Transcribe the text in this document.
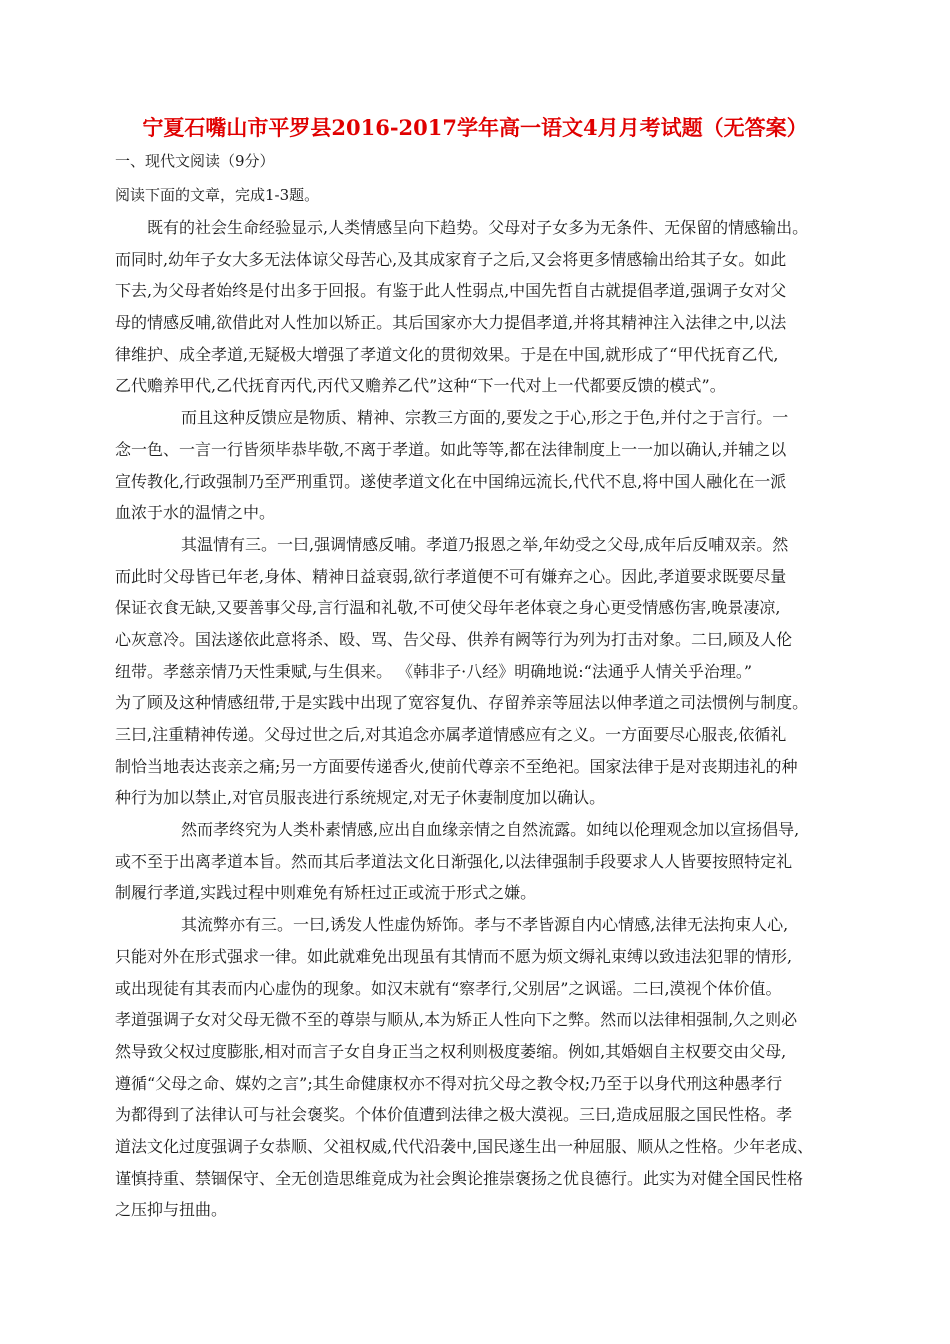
宁夏石嘴山市平罗县2016-2017学年高一语文4月月考试题（无答案）
一、现代文阅读（9分）
阅读下面的文章，完成1-3题。
既有的社会生命经验显示,人类情感呈向下趋势。父母对子女多为无条件、无保留的情感输出。
而同时,幼年子女大多无法体谅父母苦心,及其成家育子之后,又会将更多情感输出给其子女。如此
下去,为父母者始终是付出多于回报。有鉴于此人性弱点,中国先哲自古就提倡孝道,强调子女对父
母的情感反哺,欲借此对人性加以矫正。其后国家亦大力提倡孝道,并将其精神注入法律之中,以法
律维护、成全孝道,无疑极大增强了孝道文化的贯彻效果。于是在中国,就形成了“甲代抚育乙代,
乙代赡养甲代,乙代抚育丙代,丙代又赡养乙代”这种“下一代对上一代都要反馈的模式”。
而且这种反馈应是物质、精神、宗教三方面的,要发之于心,形之于色,并付之于言行。一
念一色、一言一行皆须毕恭毕敬,不离于孝道。如此等等,都在法律制度上一一加以确认,并辅之以
宣传教化,行政强制乃至严刑重罚。遂使孝道文化在中国绵远流长,代代不息,将中国人融化在一派
血浓于水的温情之中。
其温情有三。一曰,强调情感反哺。孝道乃报恩之举,年幼受之父母,成年后反哺双亲。然
而此时父母皆已年老,身体、精神日益衰弱,欲行孝道便不可有嫌弃之心。因此,孝道要求既要尽量
保证衣食无缺,又要善事父母,言行温和礼敬,不可使父母年老体衰之身心更受情感伤害,晚景凄凉,
心灰意冷。国法遂依此意将杀、殴、骂、告父母、供养有阙等行为列为打击对象。二曰,顾及人伦
纽带。孝慈亲情乃天性秉赋,与生俱来。 《韩非子·八经》明确地说:“法通乎人情关乎治理。”
为了顾及这种情感纽带,于是实践中出现了宽容复仇、存留养亲等屈法以伸孝道之司法惯例与制度。
三曰,注重精神传递。父母过世之后,对其追念亦属孝道情感应有之义。一方面要尽心服丧,依循礼
制恰当地表达丧亲之痛;另一方面要传递香火,使前代尊亲不至绝祀。国家法律于是对丧期违礼的种
种行为加以禁止,对官员服丧进行系统规定,对无子休妻制度加以确认。
然而孝终究为人类朴素情感,应出自血缘亲情之自然流露。如纯以伦理观念加以宣扬倡导,
或不至于出离孝道本旨。然而其后孝道法文化日渐强化,以法律强制手段要求人人皆要按照特定礼
制履行孝道,实践过程中则难免有矫枉过正或流于形式之嫌。
其流弊亦有三。一曰,诱发人性虚伪矫饰。孝与不孝皆源自内心情感,法律无法拘束人心,
只能对外在形式强求一律。如此就难免出现虽有其情而不愿为烦文缛礼束缚以致违法犯罪的情形,
或出现徒有其表而内心虚伪的现象。如汉末就有“察孝行,父别居”之讽谣。二曰,漠视个体价值。
孝道强调子女对父母无微不至的尊崇与顺从,本为矫正人性向下之弊。然而以法律相强制,久之则必
然导致父权过度膨胀,相对而言子女自身正当之权利则极度萎缩。例如,其婚姻自主权要交由父母,
遵循“父母之命、媒妁之言”;其生命健康权亦不得对抗父母之教令权;乃至于以身代刑这种愚孝行
为都得到了法律认可与社会褒奖。个体价值遭到法律之极大漠视。三曰,造成屈服之国民性格。孝
道法文化过度强调子女恭顺、父祖权威,代代沿袭中,国民遂生出一种屈服、顺从之性格。少年老成、
谨慎持重、禁锢保守、全无创造思维竟成为社会舆论推崇褒扬之优良德行。此实为对健全国民性格
之压抑与扭曲。
